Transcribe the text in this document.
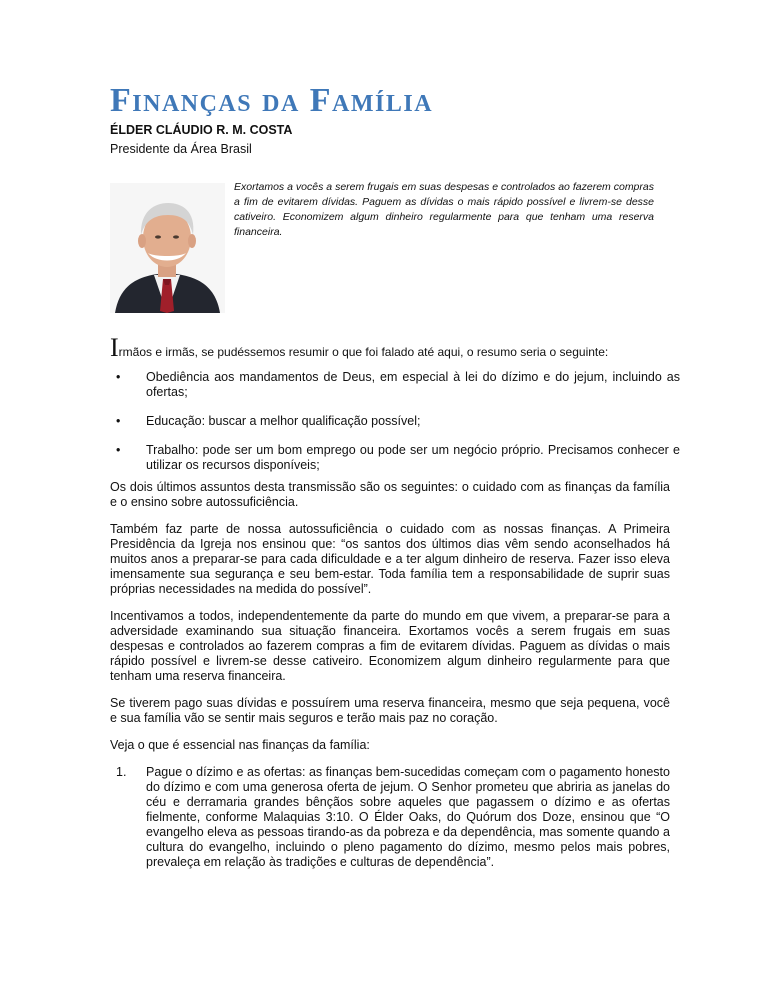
Finanças da Família
ÉLDER CLÁUDIO R. M. COSTA
Presidente da Área Brasil

Exortamos a vocês a serem frugais em suas despesas e controlados ao fazerem compras a fim de evitarem dívidas. Paguem as dívidas o mais rápido possível e livrem-se desse cativeiro. Economizem algum dinheiro regularmente para que tenham uma reserva financeira.

Irmãos e irmãs, se pudéssemos resumir o que foi falado até aqui, o resumo seria o seguinte:
• Obediência aos mandamentos de Deus, em especial à lei do dízimo e do jejum, incluindo as ofertas;
• Educação: buscar a melhor qualificação possível;
• Trabalho: pode ser um bom emprego ou pode ser um negócio próprio. Precisamos conhecer e utilizar os recursos disponíveis;

Os dois últimos assuntos desta transmissão são os seguintes: o cuidado com as finanças da família e o ensino sobre autossuficiência.

Também faz parte de nossa autossuficiência o cuidado com as nossas finanças. A Primeira Presidência da Igreja nos ensinou que: “os santos dos últimos dias vêm sendo aconselhados há muitos anos a preparar-se para cada dificuldade e a ter algum dinheiro de reserva. Fazer isso eleva imensamente sua segurança e seu bem-estar. Toda família tem a responsabilidade de suprir suas próprias necessidades na medida do possível”.

Incentivamos a todos, independentemente da parte do mundo em que vivem, a preparar-se para a adversidade examinando sua situação financeira. Exortamos vocês a serem frugais em suas despesas e controlados ao fazerem compras a fim de evitarem dívidas. Paguem as dívidas o mais rápido possível e livrem-se desse cativeiro. Economizem algum dinheiro regularmente para que tenham uma reserva financeira.

Se tiverem pago suas dívidas e possuírem uma reserva financeira, mesmo que seja pequena, você e sua família vão se sentir mais seguros e terão mais paz no coração.

Veja o que é essencial nas finanças da família:

1. Pague o dízimo e as ofertas: as finanças bem-sucedidas começam com o pagamento honesto do dízimo e com uma generosa oferta de jejum. O Senhor prometeu que abriria as janelas do céu e derramaria grandes bênçãos sobre aqueles que pagassem o dízimo e as ofertas fielmente, conforme Malaquias 3:10. O Élder Oaks, do Quórum dos Doze, ensinou que “O evangelho eleva as pessoas tirando-as da pobreza e da dependência, mas somente quando a cultura do evangelho, incluindo o pleno pagamento do dízimo, mesmo pelos mais pobres, prevaleça em relação às tradições e culturas de dependência”.
